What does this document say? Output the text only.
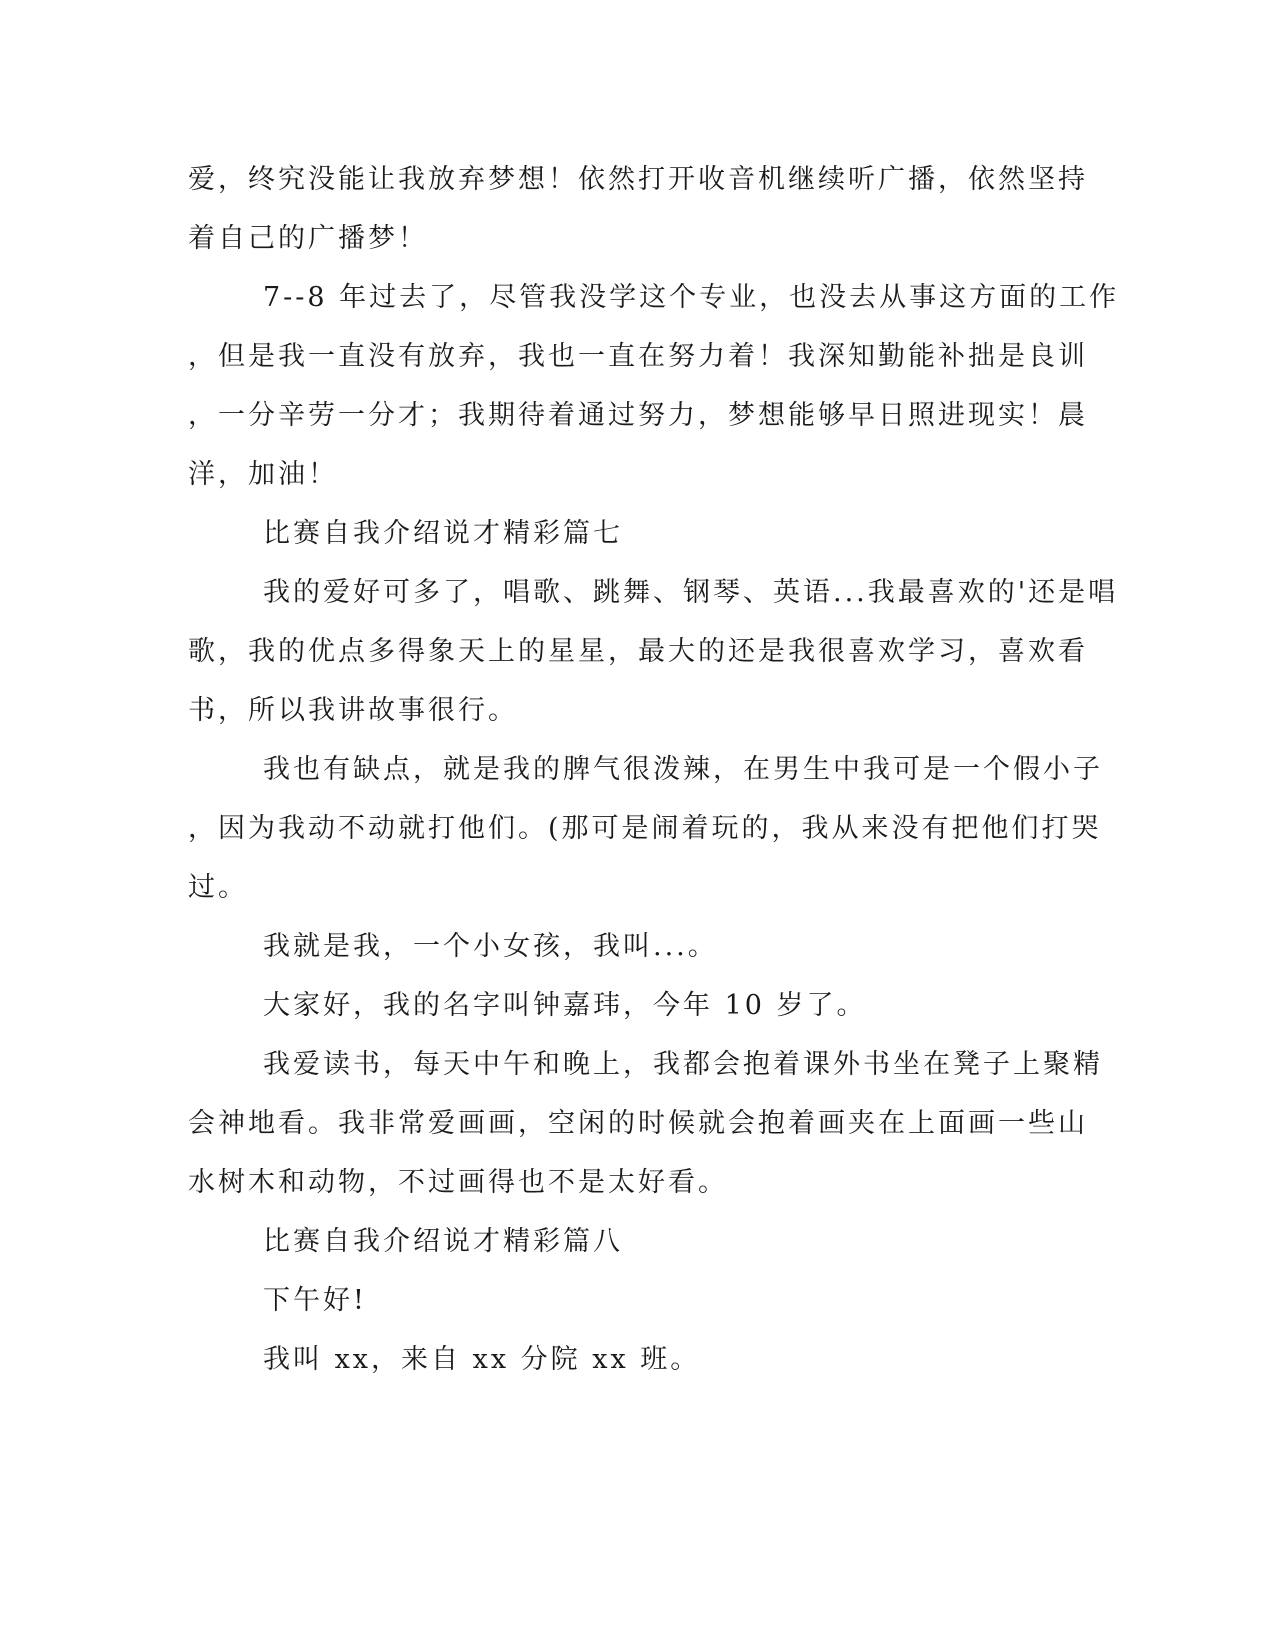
爱，终究没能让我放弃梦想！依然打开收音机继续听广播，依然坚持
着自己的广播梦！
7--8 年过去了，尽管我没学这个专业，也没去从事这方面的工作
，但是我一直没有放弃，我也一直在努力着！我深知勤能补拙是良训
，一分辛劳一分才；我期待着通过努力，梦想能够早日照进现实！晨
洋，加油！
比赛自我介绍说才精彩篇七
我的爱好可多了，唱歌、跳舞、钢琴、英语...我最喜欢的'还是唱
歌，我的优点多得象天上的星星，最大的还是我很喜欢学习，喜欢看
书，所以我讲故事很行。
我也有缺点，就是我的脾气很泼辣，在男生中我可是一个假小子
，因为我动不动就打他们。(那可是闹着玩的，我从来没有把他们打哭
过。
我就是我，一个小女孩，我叫...。
大家好，我的名字叫钟嘉玮，今年 10 岁了。
我爱读书，每天中午和晚上，我都会抱着课外书坐在凳子上聚精
会神地看。我非常爱画画，空闲的时候就会抱着画夹在上面画一些山
水树木和动物，不过画得也不是太好看。
比赛自我介绍说才精彩篇八
下午好!
我叫 xx，来自 xx 分院 xx 班。
